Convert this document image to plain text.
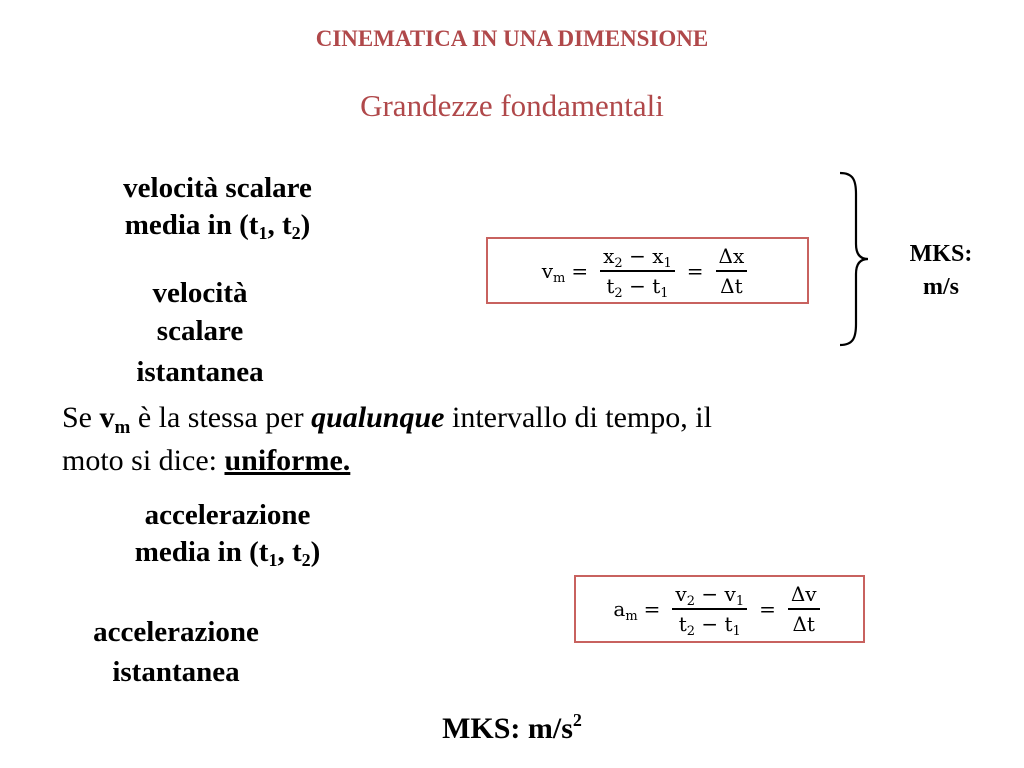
CINEMATICA IN UNA DIMENSIONE
Grandezze fondamentali
velocità scalare
media in ($t_1$, $t_2$)
velocità
scalare
istantanea
$v_m = \frac{x_2 - x_1}{t_2 - t_1} = \frac{\Delta x}{\Delta t}$	MKS:
m/s
Se $v_m$ è la stessa per qualunque intervallo di tempo, il moto si dice: uniforme.
accelerazione
media in ($t_1$, $t_2$)
$a_m = \frac{v_2 - v_1}{t_2 - t_1} = \frac{\Delta v}{\Delta t}$
accelerazione
istantanea
MKS: $m/s^2$
